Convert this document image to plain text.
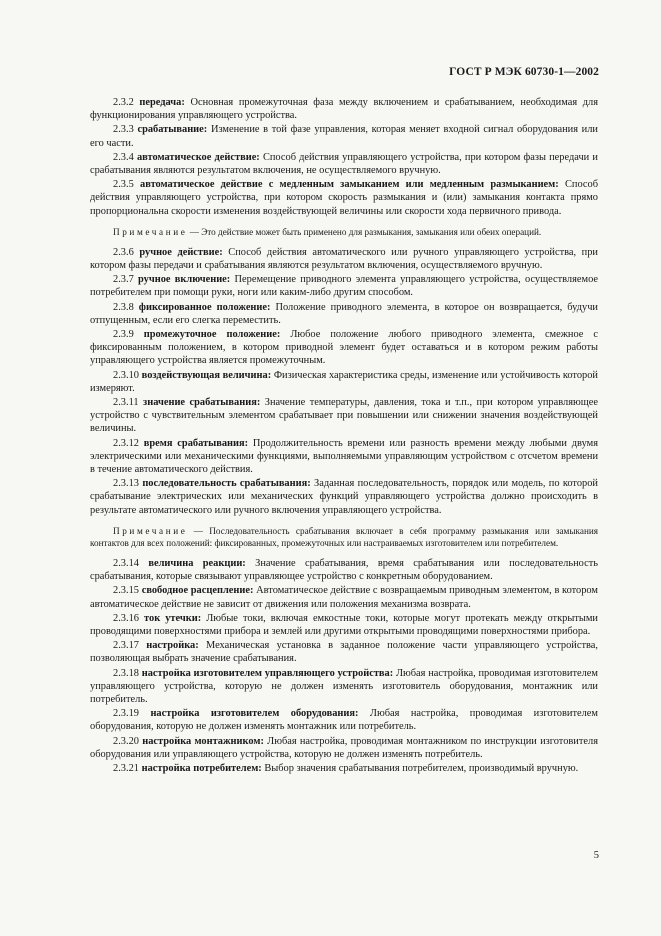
ГОСТ Р МЭК 60730-1—2002

2.3.2 передача: Основная промежуточная фаза между включением и срабатыванием, необходимая для функционирования управляющего устройства.

2.3.3 срабатывание: Изменение в той фазе управления, которая меняет входной сигнал оборудования или его части.

2.3.4 автоматическое действие: Способ действия управляющего устройства, при котором фазы передачи и срабатывания являются результатом включения, не осуществляемого вручную.

2.3.5 автоматическое действие с медленным замыканием или медленным размыканием: Способ действия управляющего устройства, при котором скорость размыкания и (или) замыкания контакта прямо пропорциональна скорости изменения воздействующей величины или скорости хода первичного привода.

Примечание — Это действие может быть применено для размыкания, замыкания или обеих операций.

2.3.6 ручное действие: Способ действия автоматического или ручного управляющего устройства, при котором фазы передачи и срабатывания являются результатом включения, осуществляемого вручную.

2.3.7 ручное включение: Перемещение приводного элемента управляющего устройства, осуществляемое потребителем при помощи руки, ноги или каким-либо другим способом.

2.3.8 фиксированное положение: Положение приводного элемента, в которое он возвращается, будучи отпущенным, если его слегка переместить.

2.3.9 промежуточное положение: Любое положение любого приводного элемента, смежное с фиксированным положением, в котором приводной элемент будет оставаться и в котором режим работы управляющего устройства является промежуточным.

2.3.10 воздействующая величина: Физическая характеристика среды, изменение или устойчивость которой измеряют.

2.3.11 значение срабатывания: Значение температуры, давления, тока и т.п., при котором управляющее устройство с чувствительным элементом срабатывает при повышении или снижении значения воздействующей величины.

2.3.12 время срабатывания: Продолжительность времени или разность времени между любыми двумя электрическими или механическими функциями, выполняемыми управляющим устройством с отсчетом времени в течение автоматического действия.

2.3.13 последовательность срабатывания: Заданная последовательность, порядок или модель, по которой срабатывание электрических или механических функций управляющего устройства должно происходить в результате автоматического или ручного включения управляющего устройства.

Примечание — Последовательность срабатывания включает в себя программу размыкания или замыкания контактов для всех положений: фиксированных, промежуточных или настраиваемых изготовителем или потребителем.

2.3.14 величина реакции: Значение срабатывания, время срабатывания или последовательность срабатывания, которые связывают управляющее устройство с конкретным оборудованием.

2.3.15 свободное расцепление: Автоматическое действие с возвращаемым приводным элементом, в котором автоматическое действие не зависит от движения или положения механизма возврата.

2.3.16 ток утечки: Любые токи, включая емкостные токи, которые могут протекать между открытыми проводящими поверхностями прибора и землей или другими открытыми проводящими поверхностями прибора.

2.3.17 настройка: Механическая установка в заданное положение части управляющего устройства, позволяющая выбрать значение срабатывания.

2.3.18 настройка изготовителем управляющего устройства: Любая настройка, проводимая изготовителем управляющего устройства, которую не должен изменять изготовитель оборудования, монтажник или потребитель.

2.3.19 настройка изготовителем оборудования: Любая настройка, проводимая изготовителем оборудования, которую не должен изменять монтажник или потребитель.

2.3.20 настройка монтажником: Любая настройка, проводимая монтажником по инструкции изготовителя оборудования или управляющего устройства, которую не должен изменять потребитель.

2.3.21 настройка потребителем: Выбор значения срабатывания потребителем, производимый вручную.

5
